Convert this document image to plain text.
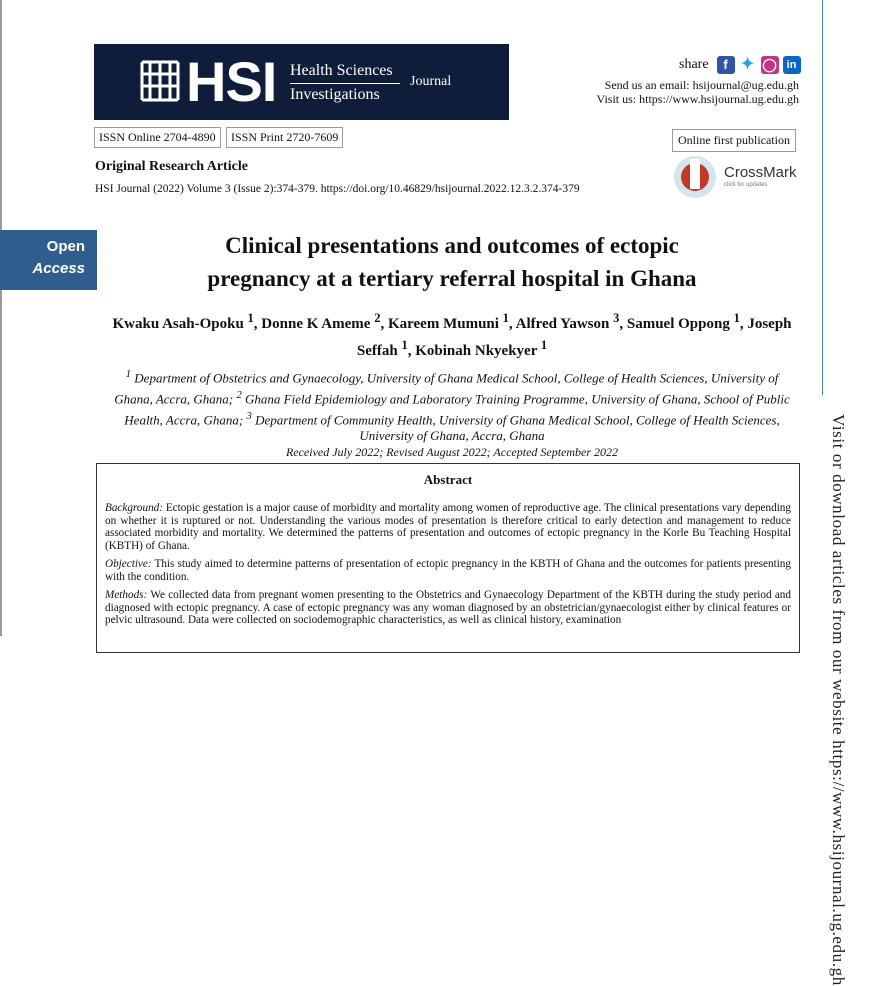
Visit or download articles from our website https://www.hsijournal.ug.edu.gh
HSI Health Sciences
Investigations
Journal
share	f ✦ ◯ in
Send us an email: hsijournal@ug.edu.gh
Visit us: https://www.hsijournal.ug.edu.gh
ISSN Online 2704-4890	ISSN Print 2720-7609	Online first publication
Original Research Article
HSI Journal (2022) Volume 3 (Issue 2):374-379. https://doi.org/10.46829/hsijournal.2022.12.3.2.374-379
CrossMark
click for updates
Open
Access
Clinical presentations and outcomes of ectopic
pregnancy at a tertiary referral hospital in Ghana
Kwaku Asah-Opoku $^1$, Donne K Ameme $^2$, Kareem Mumuni $^1$, Alfred Yawson $^3$, Samuel Oppong $^1$, Joseph Seffah $^1$, Kobinah Nkyekyer $^1$
$^1$ Department of Obstetrics and Gynaecology, University of Ghana Medical School, College of Health Sciences, University of Ghana, Accra, Ghana; $^2$ Ghana Field Epidemiology and Laboratory Training Programme, University of Ghana, School of Public Health, Accra, Ghana; $^3$ Department of Community Health, University of Ghana Medical School, College of Health Sciences, University of Ghana, Accra, Ghana
Received July 2022; Revised August 2022; Accepted September 2022
Abstract

Background: Ectopic gestation is a major cause of morbidity and mortality among women of reproductive age. The clinical presentations vary depending on whether it is ruptured or not. Understanding the various modes of presentation is therefore critical to early detection and management to reduce associated morbidity and mortality. We determined the patterns of presentation and outcomes of ectopic pregnancy in the Korle Bu Teaching Hospital (KBTH) of Ghana.

Objective: This study aimed to determine patterns of presentation of ectopic pregnancy in the KBTH of Ghana and the outcomes for patients presenting with the condition.

Methods: We collected data from pregnant women presenting to the Obstetrics and Gynaecology Department of the KBTH during the study period and diagnosed with ectopic pregnancy. A case of ectopic pregnancy was any woman diagnosed by an obstetrician/gynaecologist either by clinical features or pelvic ultrasound. Data were collected on sociodemographic characteristics, as well as clinical history, examination
